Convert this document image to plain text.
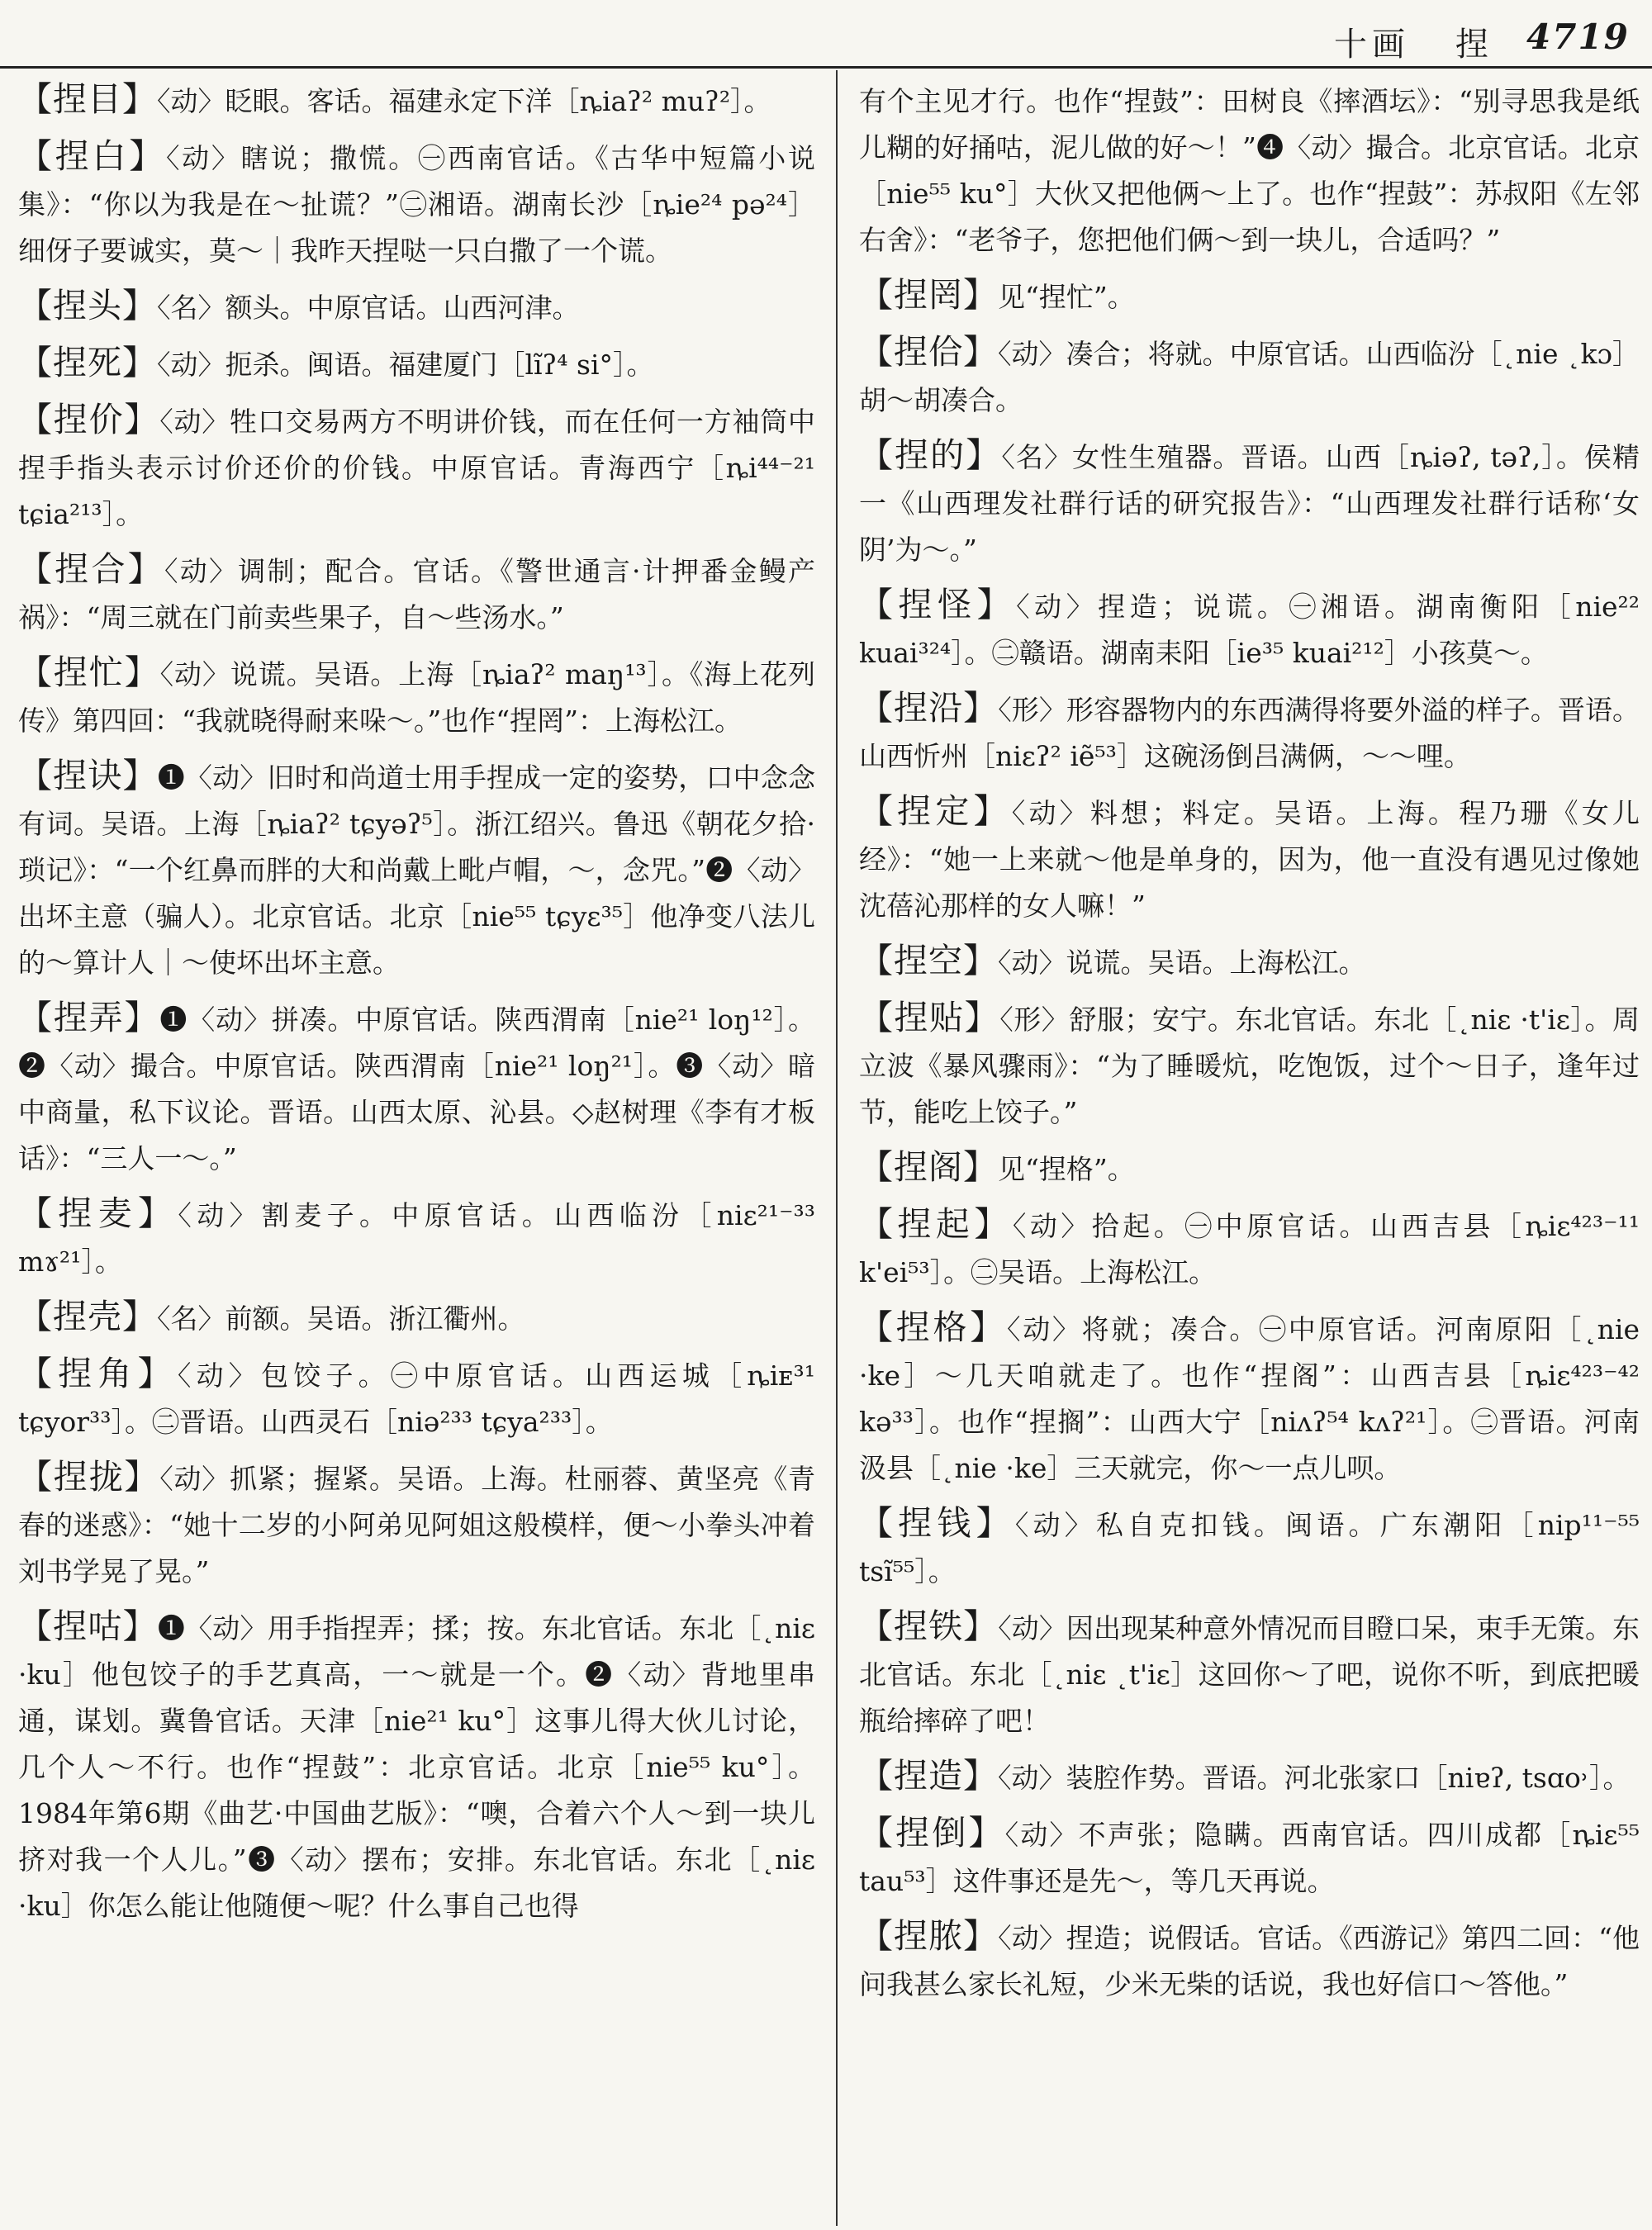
十画 捏 4719

【捏目】〈动〉眨眼。客话。福建永定下洋［ȵiaʔ² muʔ²］。

【捏白】〈动〉瞎说；撒慌。㊀西南官话。《古华中短篇小说集》：“你以为我是在～扯谎？”㊁湘语。湖南长沙［ȵie²⁴ pə²⁴］细伢子要诚实，莫～｜我昨天捏哒一只白撒了一个谎。

【捏头】〈名〉额头。中原官话。山西河津。

【捏死】〈动〉扼杀。闽语。福建厦门［lĩʔ⁴ si°］。

【捏价】〈动〉牲口交易两方不明讲价钱，而在任何一方袖筒中捏手指头表示讨价还价的价钱。中原官话。青海西宁［ȵi⁴⁴⁻²¹ tɕia²¹³］。

【捏合】〈动〉调制；配合。官话。《警世通言·计押番金鳗产祸》：“周三就在门前卖些果子，自～些汤水。”

【捏忙】〈动〉说谎。吴语。上海［ȵiaʔ² maŋ¹³］。《海上花列传》第四回：“我就晓得耐来哚～。”也作“捏罔”：上海松江。

【捏诀】❶〈动〉旧时和尚道士用手捏成一定的姿势，口中念念有词。吴语。上海［ȵiaʔ² tɕyəʔ⁵］。浙江绍兴。鲁迅《朝花夕拾·琐记》：“一个红鼻而胖的大和尚戴上毗卢帽，～，念咒。”❷〈动〉出坏主意（骗人）。北京官话。北京［nie⁵⁵ tɕyɛ³⁵］他净变八法儿的～算计人｜～使坏出坏主意。

【捏弄】❶〈动〉拼凑。中原官话。陕西渭南［nie²¹ loŋ¹²］。❷〈动〉撮合。中原官话。陕西渭南［nie²¹ loŋ²¹］。❸〈动〉暗中商量，私下议论。晋语。山西太原、沁县。◇赵树理《李有才板话》：“三人一～。”

【捏麦】〈动〉割麦子。中原官话。山西临汾［niɛ²¹⁻³³ mɤ²¹］。

【捏壳】〈名〉前额。吴语。浙江衢州。

【捏角】〈动〉包饺子。㊀中原官话。山西运城［ȵiᴇ³¹ tɕyor³³］。㊁晋语。山西灵石［niə²³³ tɕya²³³］。

【捏拢】〈动〉抓紧；握紧。吴语。上海。杜丽蓉、黄坚亮《青春的迷惑》：“她十二岁的小阿弟见阿姐这般模样，便～小拳头冲着刘书学晃了晃。”

【捏咕】❶〈动〉用手指捏弄；揉；按。东北官话。东北［˛niɛ ·ku］他包饺子的手艺真高，一～就是一个。❷〈动〉背地里串通，谋划。冀鲁官话。天津［nie²¹ ku°］这事儿得大伙儿讨论，几个人～不行。也作“捏鼓”：北京官话。北京［nie⁵⁵ ku°］。1984年第6期《曲艺·中国曲艺版》：“噢，合着六个人～到一块儿挤对我一个人儿。”❸〈动〉摆布；安排。东北官话。东北［˛niɛ ·ku］你怎么能让他随便～呢？什么事自己也得

有个主见才行。也作“捏鼓”：田树良《摔酒坛》：“别寻思我是纸儿糊的好捅咕，泥儿做的好～！”❹〈动〉撮合。北京官话。北京［nie⁵⁵ ku°］大伙又把他俩～上了。也作“捏鼓”：苏叔阳《左邻右舍》：“老爷子，您把他们俩～到一块儿，合适吗？”

【捏罔】见“捏忙”。

【捏佮】〈动〉凑合；将就。中原官话。山西临汾［˛nie ˛kɔ］胡～胡凑合。

【捏的】〈名〉女性生殖器。晋语。山西［ȵiəʔ, təʔ,］。侯精一《山西理发社群行话的研究报告》：“山西理发社群行话称‘女阴’为～。”

【捏怪】〈动〉捏造；说谎。㊀湘语。湖南衡阳［nie²² kuai³²⁴］。㊁赣语。湖南耒阳［ie³⁵ kuai²¹²］小孩莫～。

【捏沿】〈形〉形容器物内的东西满得将要外溢的样子。晋语。山西忻州［niɛʔ² iẽ⁵³］这碗汤倒吕满俩，～～哩。

【捏定】〈动〉料想；料定。吴语。上海。程乃珊《女儿经》：“她一上来就～他是单身的，因为，他一直没有遇见过像她沈蓓沁那样的女人嘛！”

【捏空】〈动〉说谎。吴语。上海松江。

【捏贴】〈形〉舒服；安宁。东北官话。东北［˛niɛ ·t'iɛ］。周立波《暴风骤雨》：“为了睡暖炕，吃饱饭，过个～日子，逢年过节，能吃上饺子。”

【捏阁】见“捏格”。

【捏起】〈动〉拾起。㊀中原官话。山西吉县［ȵiɛ⁴²³⁻¹¹ k'ei⁵³］。㊁吴语。上海松江。

【捏格】〈动〉将就；凑合。㊀中原官话。河南原阳［˛nie ·ke］～几天咱就走了。也作“捏阁”：山西吉县［ȵiɛ⁴²³⁻⁴² kə³³］。也作“捏搁”：山西大宁［niʌʔ⁵⁴ kʌʔ²¹］。㊁晋语。河南汲县［˛nie ·ke］三天就完，你～一点儿呗。

【捏钱】〈动〉私自克扣钱。闽语。广东潮阳［nip¹¹⁻⁵⁵ tsĩ⁵⁵］。

【捏铁】〈动〉因出现某种意外情况而目瞪口呆，束手无策。东北官话。东北［˛niɛ ˛t'iɛ］这回你～了吧，说你不听，到底把暖瓶给摔碎了吧！

【捏造】〈动〉装腔作势。晋语。河北张家口［niɐʔ, tsɑo˒］。

【捏倒】〈动〉不声张；隐瞒。西南官话。四川成都［ȵiɛ⁵⁵ tau⁵³］这件事还是先～，等几天再说。

【捏脓】〈动〉捏造；说假话。官话。《西游记》第四二回：“他问我甚么家长礼短，少米无柴的话说，我也好信口～答他。”
